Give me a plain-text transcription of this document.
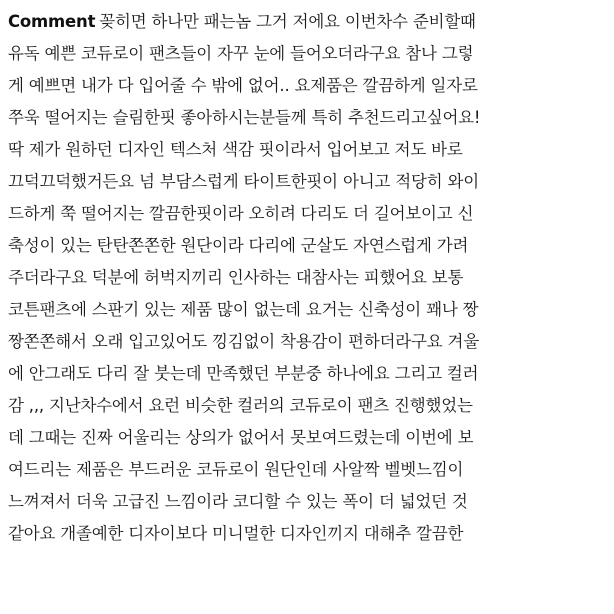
Comment 꽂히면 하나만 패는놈 그거 저에요 이번차수 준비할때
유독 예쁜 코듀로이 팬츠들이 자꾸 눈에 들어오더라구요 참나 그렇
게 예쁘면 내가 다 입어줄 수 밖에 없어.. 요제품은 깔끔하게 일자로
쭈욱 떨어지는 슬림한핏 좋아하시는분들께 특히 추천드리고싶어요!
딱 제가 원하던 디자인 텍스처 색감 핏이라서 입어보고 저도 바로
끄덕끄덕했거든요 넘 부담스럽게 타이트한핏이 아니고 적당히 와이
드하게 쭉 떨어지는 깔끔한핏이라 오히려 다리도 더 길어보이고 신
축성이 있는 탄탄쫀쫀한 원단이라 다리에 군살도 자연스럽게 가려
주더라구요 덕분에 허벅지끼리 인사하는 대참사는 피했어요 보통
코튼팬츠에 스판기 있는 제품 많이 없는데 요거는 신축성이 꽤나 짱
짱쫀쫀해서 오래 입고있어도 낑김없이 착용감이 편하더라구요 겨울
에 안그래도 다리 잘 붓는데 만족했던 부분중 하나에요 그리고 컬러
감 ,,, 지난차수에서 요런 비슷한 컬러의 코듀로이 팬츠 진행했었는
데 그때는 진짜 어울리는 상의가 없어서 못보여드렸는데 이번에 보
여드리는 제품은 부드러운 코듀로이 원단인데 사알짝 벨벳느낌이
느껴져서 더욱 고급진 느낌이라 코디할 수 있는 폭이 더 넓었던 것
같아요 개졸예한 디자이보다 미니멀한 디자인끼지 대해추 깔끔한
